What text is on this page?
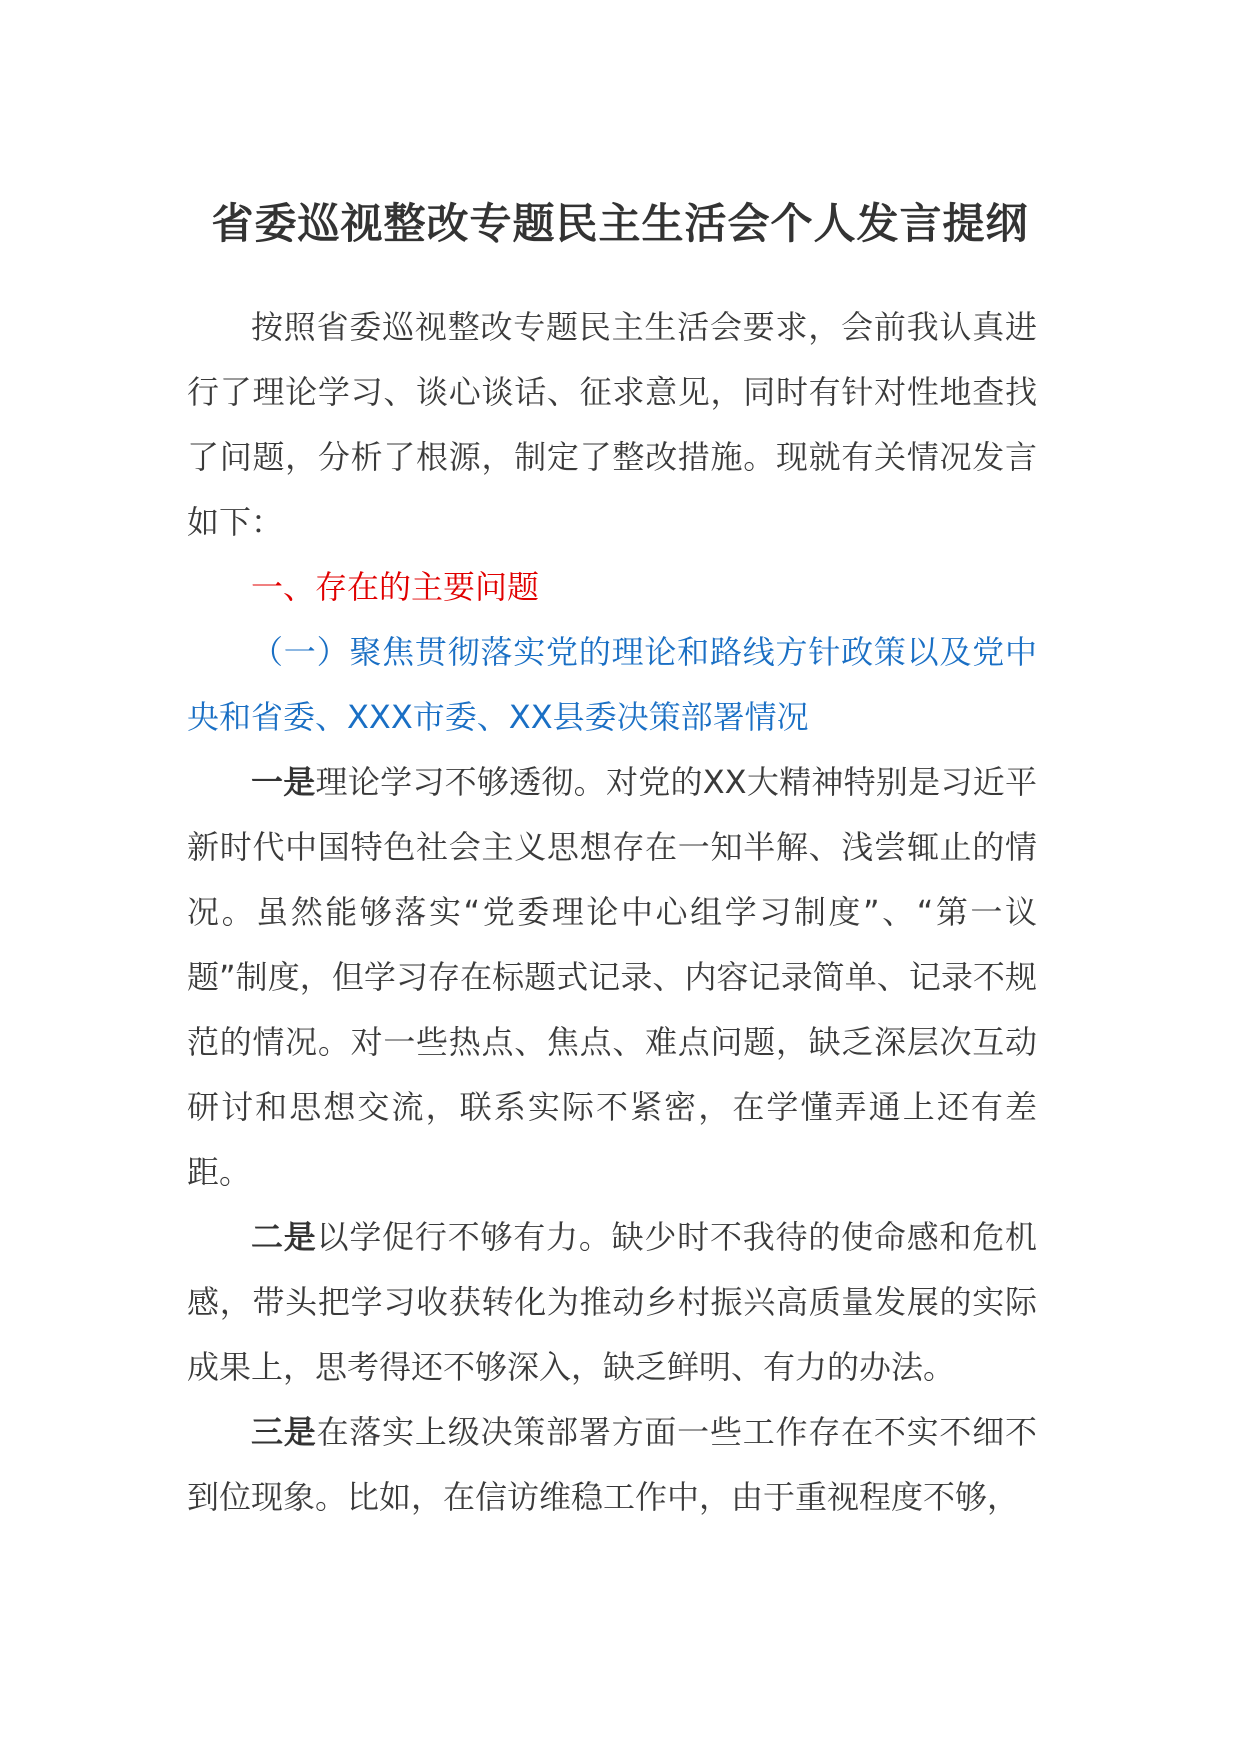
省委巡视整改专题民主生活会个人发言提纲

按照省委巡视整改专题民主生活会要求，会前我认真进行了理论学习、谈心谈话、征求意见，同时有针对性地查找了问题，分析了根源，制定了整改措施。现就有关情况发言如下：

一、存在的主要问题

（一）聚焦贯彻落实党的理论和路线方针政策以及党中央和省委、XXX市委、XX县委决策部署情况

一是理论学习不够透彻。对党的XX大精神特别是习近平新时代中国特色社会主义思想存在一知半解、浅尝辄止的情况。虽然能够落实“党委理论中心组学习制度”、“第一议题”制度，但学习存在标题式记录、内容记录简单、记录不规范的情况。对一些热点、焦点、难点问题，缺乏深层次互动研讨和思想交流，联系实际不紧密，在学懂弄通上还有差距。

二是以学促行不够有力。缺少时不我待的使命感和危机感，带头把学习收获转化为推动乡村振兴高质量发展的实际成果上，思考得还不够深入，缺乏鲜明、有力的办法。

三是在落实上级决策部署方面一些工作存在不实不细不到位现象。比如，在信访维稳工作中，由于重视程度不够，
